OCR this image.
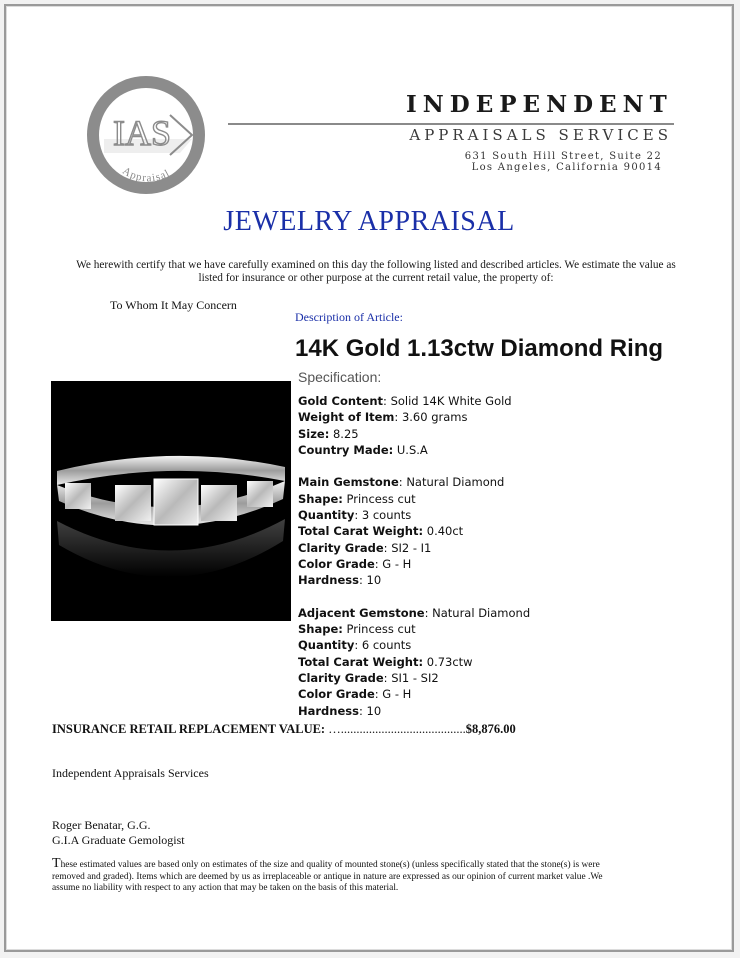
IAS
Appraisal
INDEPENDENT
APPRAISALS SERVICES
631 South Hill Street, Suite 22
Los Angeles, California 90014
JEWELRY APPRAISAL
We herewith certify that we have carefully examined on this day the following listed and described articles. We estimate the value as listed for insurance or other purpose at the current retail value, the property of:
To Whom It May Concern
Description of Article:
14K Gold 1.13ctw Diamond Ring
Specification:
Gold Content: Solid 14K White Gold
Weight of Item: 3.60 grams
Size: 8.25
Country Made: U.S.A
Main Gemstone: Natural Diamond
Shape: Princess cut
Quantity: 3 counts
Total Carat Weight: 0.40ct
Clarity Grade: SI2 - I1
Color Grade: G - H
Hardness: 10
Adjacent Gemstone: Natural Diamond
Shape: Princess cut
Quantity: 6 counts
Total Carat Weight: 0.73ctw
Clarity Grade: SI1 - SI2
Color Grade: G - H
Hardness: 10
INSURANCE RETAIL REPLACEMENT VALUE: …........................................$8,876.00
Independent Appraisals Services
Roger Benatar, G.G.
G.I.A Graduate Gemologist
These estimated values are based only on estimates of the size and quality of mounted stone(s) (unless specifically stated that the stone(s) is were removed and graded). Items which are deemed by us as irreplaceable or antique in nature are expressed as our opinion of current market value .We assume no liability with respect to any action that may be taken on the basis of this material.
